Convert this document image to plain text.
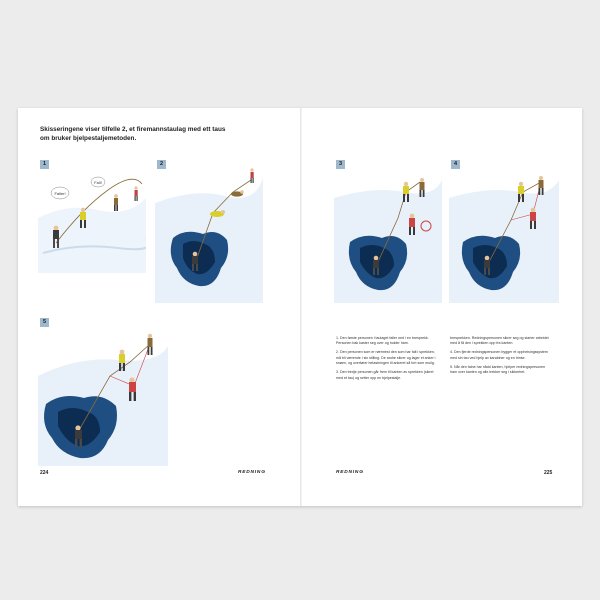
Skisseringene viser tilfelle 2, et firemannstaulag med ett taus om bruker bjelpestaljemetoden.
Faller!
Fall!
1	2	3	4
5

1. Den første personen i taulaget faller ned i en bresprekk. Personen bak kaster seg over og holder ham.

2. Den personen som er nærmest den som har falt i sprekken, må bli værende i sin stilling. De andre sikrer og lager et anker i snøen, og overfører belastningen til ankeret så fort som mulig.

3. Den tredje personen går frem til kanten av sprekken (sikret med et tau) og setter opp en bjelpestalje.

bresprekken. Redningspersonen sikrer seg og starter arbeidet med å få den i sprekken opp fra kanten.

4. Den fjerde redningspersonen bygger et oppheisingssystem med sin tau ved hjelp av karabiner og en trinse.

5. Når den falne har nådd kanten, hjelper redningspersonen ham over kanten og alle trekker seg i sikkerhet.

224	REDNING	REDNING	225
